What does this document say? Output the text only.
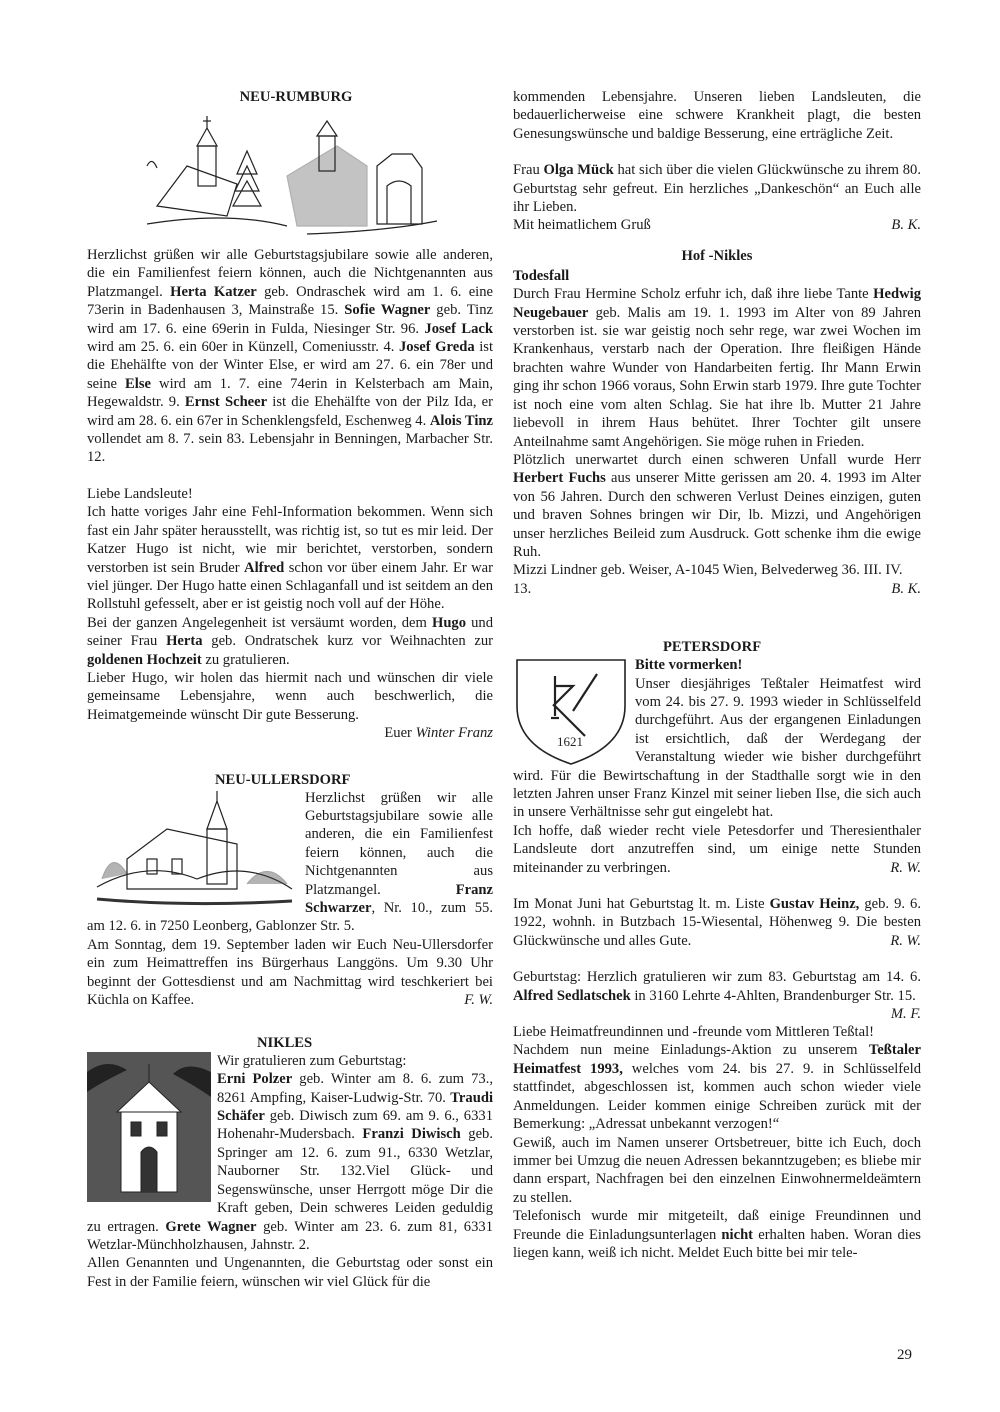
NEU-RUMBURG

Herzlichst grüßen wir alle Geburtstagsjubilare sowie alle anderen, die ein Familienfest feiern können, auch die Nichtgenannten aus Platzmangel. Herta Katzer geb. Ondraschek wird am 1. 6. eine 73erin in Badenhausen 3, Mainstraße 15. Sofie Wagner geb. Tinz wird am 17. 6. eine 69erin in Fulda, Niesinger Str. 96. Josef Lack wird am 25. 6. ein 60er in Künzell, Comeniusstr. 4. Josef Greda ist die Ehehälfte von der Winter Else, er wird am 27. 6. ein 78er und seine Else wird am 1. 7. eine 74erin in Kelsterbach am Main, Hegewaldstr. 9. Ernst Scheer ist die Ehehälfte von der Pilz Ida, er wird am 28. 6. ein 67er in Schenklengsfeld, Eschenweg 4. Alois Tinz vollendet am 8. 7. sein 83. Lebensjahr in Benningen, Marbacher Str. 12.

Liebe Landsleute!

Ich hatte voriges Jahr eine Fehl-Information bekommen. Wenn sich fast ein Jahr später herausstellt, was richtig ist, so tut es mir leid. Der Katzer Hugo ist nicht, wie mir berichtet, verstorben, sondern verstorben ist sein Bruder Alfred schon vor über einem Jahr. Er war viel jünger. Der Hugo hatte einen Schlaganfall und ist seitdem an den Rollstuhl gefesselt, aber er ist geistig noch voll auf der Höhe.

Bei der ganzen Angelegenheit ist versäumt worden, dem Hugo und seiner Frau Herta geb. Ondratschek kurz vor Weihnachten zur goldenen Hochzeit zu gratulieren.

Lieber Hugo, wir holen das hiermit nach und wünschen dir viele gemeinsame Lebensjahre, wenn auch beschwerlich, die Heimatgemeinde wünscht Dir gute Besserung.

Euer Winter Franz

NEU-ULLERSDORF

Herzlichst grüßen wir alle Geburtstagsjubilare sowie alle anderen, die ein Familienfest feiern können, auch die Nichtgenannten aus Platzmangel. Franz Schwarzer, Nr. 10., zum 55. am 12. 6. in 7250 Leonberg, Gablonzer Str. 5.

Am Sonntag, dem 19. September laden wir Euch Neu-Ullersdorfer ein zum Heimattreffen ins Bürgerhaus Langgöns. Um 9.30 Uhr beginnt der Gottesdienst und am Nachmittag wird teschkeriert bei Küchla on Kaffee.	F. W.

NIKLES

Wir gratulieren zum Geburtstag:

Erni Polzer geb. Winter am 8. 6. zum 73., 8261 Ampfing, Kaiser-Ludwig-Str. 70. Traudi Schäfer geb. Diwisch zum 69. am 9. 6., 6331 Hohenahr-Mudersbach. Franzi Diwisch geb. Springer am 12. 6. zum 91., 6330 Wetzlar, Nauborner Str. 132.Viel Glück- und Segenswünsche, unser Herrgott möge Dir die Kraft geben, Dein schweres Leiden geduldig zu ertragen. Grete Wagner geb. Winter am 23. 6. zum 81, 6331 Wetzlar-Münchholzhausen, Jahnstr. 2.

Allen Genannten und Ungenannten, die Geburtstag oder sonst ein Fest in der Familie feiern, wünschen wir viel Glück für die

kommenden Lebensjahre. Unseren lieben Landsleuten, die bedauerlicherweise eine schwere Krankheit plagt, die besten Genesungswünsche und baldige Besserung, eine erträgliche Zeit.

Frau Olga Mück hat sich über die vielen Glückwünsche zu ihrem 80. Geburtstag sehr gefreut. Ein herzliches „Dankeschön“ an Euch alle ihr Lieben.

Mit heimatlichem Gruß	B. K.

Hof -Nikles

Todesfall

Durch Frau Hermine Scholz erfuhr ich, daß ihre liebe Tante Hedwig Neugebauer geb. Malis am 19. 1. 1993 im Alter von 89 Jahren verstorben ist. sie war geistig noch sehr rege, war zwei Wochen im Krankenhaus, verstarb nach der Operation. Ihre fleißigen Hände brachten wahre Wunder von Handarbeiten fertig. Ihr Mann Erwin ging ihr schon 1966 voraus, Sohn Erwin starb 1979. Ihre gute Tochter ist noch eine vom alten Schlag. Sie hat ihre lb. Mutter 21 Jahre liebevoll in ihrem Haus behütet. Ihrer Tochter gilt unsere Anteilnahme samt Angehörigen. Sie möge ruhen in Frieden.

Plötzlich unerwartet durch einen schweren Unfall wurde Herr Herbert Fuchs aus unserer Mitte gerissen am 20. 4. 1993 im Alter von 56 Jahren. Durch den schweren Verlust Deines einzigen, guten und braven Sohnes bringen wir Dir, lb. Mizzi, und Angehörigen unser herzliches Beileid zum Ausdruck. Gott schenke ihm die ewige Ruh.

Mizzi Lindner geb. Weiser, A-1045 Wien, Belvederweg 36. III. IV. 13.	B. K.

PETERSDORF
1621

Bitte vormerken!

Unser diesjähriges Teßtaler Heimatfest wird vom 24. bis 27. 9. 1993 wieder in Schlüsselfeld durchgeführt. Aus der ergangenen Einladungen ist ersichtlich, daß der Werdegang der Veranstaltung wieder wie bisher durchgeführt wird. Für die Bewirtschaftung in der Stadthalle sorgt wie in den letzten Jahren unser Franz Kinzel mit seiner lieben Ilse, die sich auch in unsere Verhältnisse sehr gut eingelebt hat.

Ich hoffe, daß wieder recht viele Petesdorfer und Theresienthaler Landsleute dort anzutreffen sind, um einige nette Stunden miteinander zu verbringen.	R. W.

Im Monat Juni hat Geburtstag lt. m. Liste Gustav Heinz, geb. 9. 6. 1922, wohnh. in Butzbach 15-Wiesental, Höhenweg 9. Die besten Glückwünsche und alles Gute.	R. W.

Geburtstag: Herzlich gratulieren wir zum 83. Geburtstag am 14. 6. Alfred Sedlatschek in 3160 Lehrte 4-Ahlten, Brandenburger Str. 15.
M. F.

Liebe Heimatfreundinnen und -freunde vom Mittleren Teßtal!

Nachdem nun meine Einladungs-Aktion zu unserem Teßtaler Heimatfest 1993, welches vom 24. bis 27. 9. in Schlüsselfeld stattfindet, abgeschlossen ist, kommen auch schon wieder viele Anmeldungen. Leider kommen einige Schreiben zurück mit der Bemerkung: „Adressat unbekannt verzogen!“

Gewiß, auch im Namen unserer Ortsbetreuer, bitte ich Euch, doch immer bei Umzug die neuen Adressen bekanntzugeben; es bliebe mir dann erspart, Nachfragen bei den einzelnen Einwohnermeldeämtern zu stellen.

Telefonisch wurde mir mitgeteilt, daß einige Freundinnen und Freunde die Einladungsunterlagen nicht erhalten haben. Woran dies liegen kann, weiß ich nicht. Meldet Euch bitte bei mir tele-

29
